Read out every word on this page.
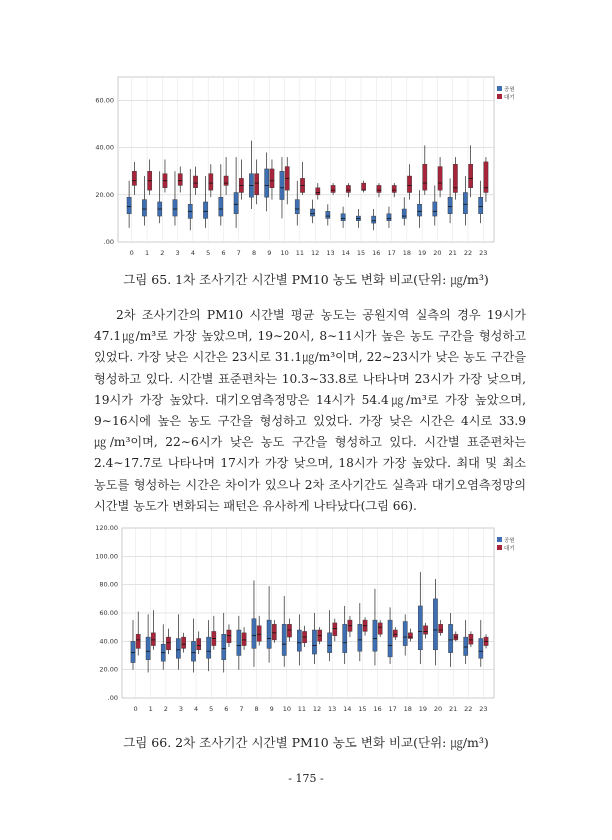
.00
20.00
40.00
60.00
0 1 2 3 4 5 6 7 8 9 10 11 12 13 14 15 16 17 18 19 20 21 22 23
공원
대기
그림 65. 1차 조사기간 시간별 PM10 농도 변화 비교(단위: ㎍/m³)

2차 조사기간의 PM10 시간별 평균 농도는 공원지역 실측의 경우 19시가 47.1㎍/m³로 가장 높았으며, 19∼20시, 8∼11시가 높은 농도 구간을 형성하고 있었다. 가장 낮은 시간은 23시로 31.1㎍/m³이며, 22∼23시가 낮은 농도 구간을 형성하고 있다. 시간별 표준편차는 10.3∼33.8로 나타나며 23시가 가장 낮으며, 19시가 가장 높았다. 대기오염측정망은 14시가 54.4㎍/m³로 가장 높았으며, 9∼16시에 높은 농도 구간을 형성하고 있었다. 가장 낮은 시간은 4시로 33.9㎍/m³이며, 22∼6시가 낮은 농도 구간을 형성하고 있다. 시간별 표준편차는 2.4∼17.7로 나타나며 17시가 가장 낮으며, 18시가 가장 높았다. 최대 및 최소 농도를 형성하는 시간은 차이가 있으나 2차 조사기간도 실측과 대기오염측정망의 시간별 농도가 변화되는 패턴은 유사하게 나타났다(그림 66).

.00
20.00
40.00
60.00
80.00
100.00
120.00
0 1 2 3 4 5 6 7 8 9 10 11 12 13 14 15 16 17 18 19 20 21 22 23
공원
대기
그림 66. 2차 조사기간 시간별 PM10 농도 변화 비교(단위: ㎍/m³)
- 175 -
